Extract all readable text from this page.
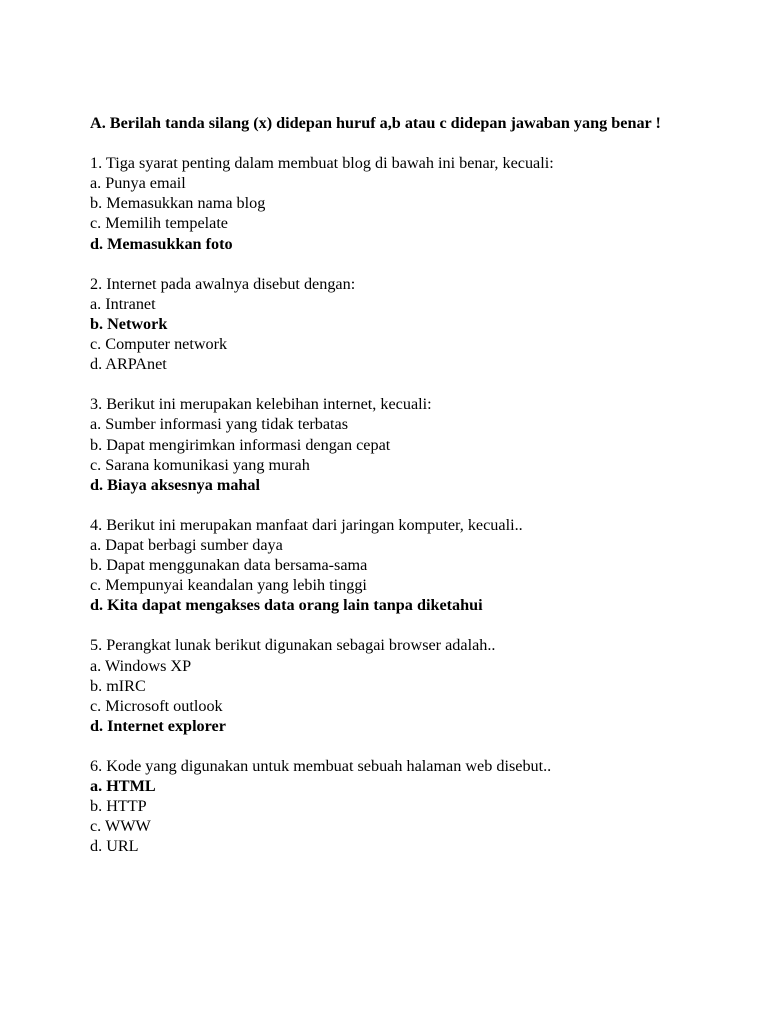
A. Berilah tanda silang (x) didepan huruf a,b atau c didepan jawaban yang benar !

1. Tiga syarat penting dalam membuat blog di bawah ini benar, kecuali:
a. Punya email
b. Memasukkan nama blog
c. Memilih tempelate
d. Memasukkan foto
2. Internet pada awalnya disebut dengan:
a. Intranet
b. Network
c. Computer network
d. ARPAnet
3. Berikut ini merupakan kelebihan internet, kecuali:
a. Sumber informasi yang tidak terbatas
b. Dapat mengirimkan informasi dengan cepat
c. Sarana komunikasi yang murah
d. Biaya aksesnya mahal
4. Berikut ini merupakan manfaat dari jaringan komputer, kecuali..
a. Dapat berbagi sumber daya
b. Dapat menggunakan data bersama-sama
c. Mempunyai keandalan yang lebih tinggi
d. Kita dapat mengakses data orang lain tanpa diketahui
5. Perangkat lunak berikut digunakan sebagai browser adalah..
a. Windows XP
b. mIRC
c. Microsoft outlook
d. Internet explorer
6. Kode yang digunakan untuk membuat sebuah halaman web disebut..
a. HTML
b. HTTP
c. WWW
d. URL
